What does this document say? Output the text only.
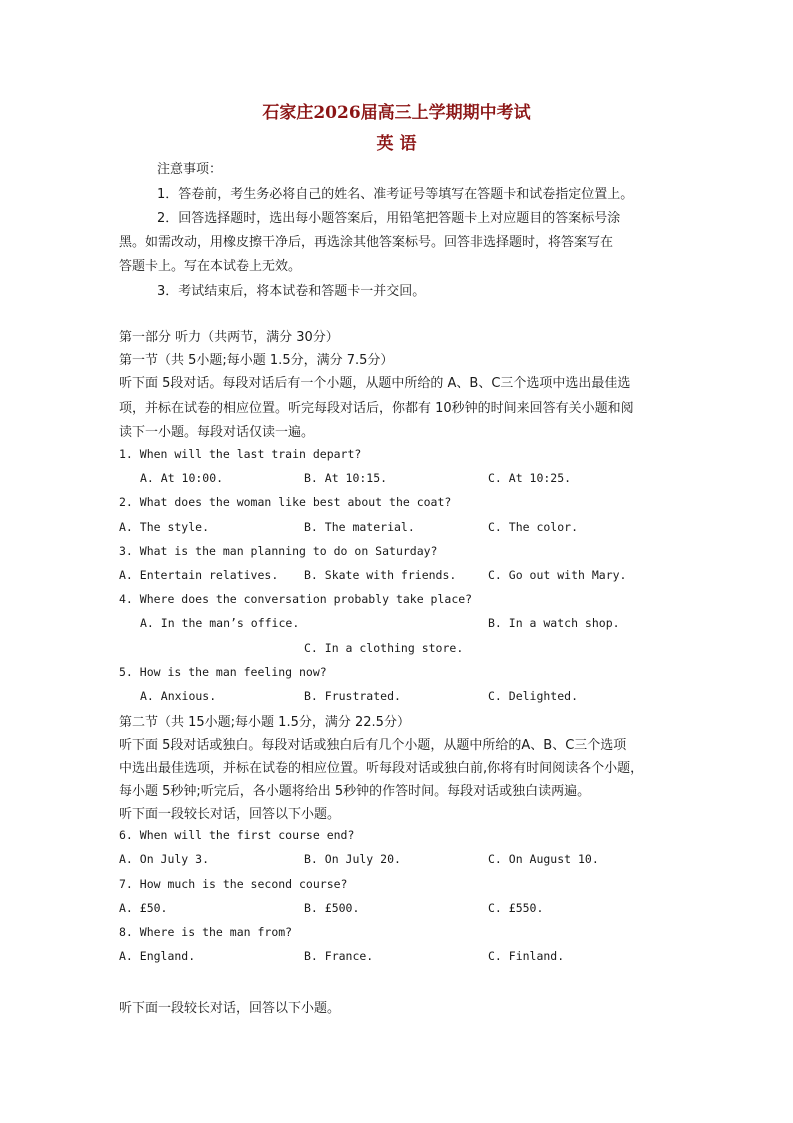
石家庄2026届高三上学期期中考试
英 语
注意事项：
1．答卷前，考生务必将自己的姓名、准考证号等填写在答题卡和试卷指定位置上。
2．回答选择题时，选出每小题答案后，用铅笔把答题卡上对应题目的答案标号涂
黑。如需改动，用橡皮擦干净后，再选涂其他答案标号。回答非选择题时，将答案写在
答题卡上。写在本试卷上无效。
3．考试结束后，将本试卷和答题卡一并交回。
第一部分 听力（共两节，满分 30分）
第一节（共 5小题;每小题 1.5分，满分 7.5分）
听下面 5段对话。每段对话后有一个小题，从题中所给的 A、B、C三个选项中选出最佳选
项，并标在试卷的相应位置。听完每段对话后，你都有 10秒钟的时间来回答有关小题和阅
读下一小题。每段对话仅读一遍。
1. When will the last train depart?
A. At 10:00.	B. At 10:15.	C. At 10:25.
2. What does the woman like best about the coat?
A. The style.	B. The material.	C. The color.
3. What is the man planning to do on Saturday?
A. Entertain relatives. B. Skate with friends.	C. Go out with Mary.
4. Where does the conversation probably take place?
A. In the man’s office.	B. In a watch shop.
C. In a clothing store.
5. How is the man feeling now?
A. Anxious.	B. Frustrated.	C. Delighted.
第二节（共 15小题;每小题 1.5分，满分 22.5分）
听下面 5段对话或独白。每段对话或独白后有几个小题，从题中所给的A、B、C三个选项
中选出最佳选项，并标在试卷的相应位置。听每段对话或独白前,你将有时间阅读各个小题，
每小题 5秒钟;听完后，各小题将给出 5秒钟的作答时间。每段对话或独白读两遍。
听下面一段较长对话，回答以下小题。
6. When will the first course end?
A. On July 3.	B. On July 20.	C. On August 10.
7. How much is the second course?
A. £50.	B. £500.	C. £550.
8. Where is the man from?
A. England.	B. France.	C. Finland.
听下面一段较长对话，回答以下小题。
